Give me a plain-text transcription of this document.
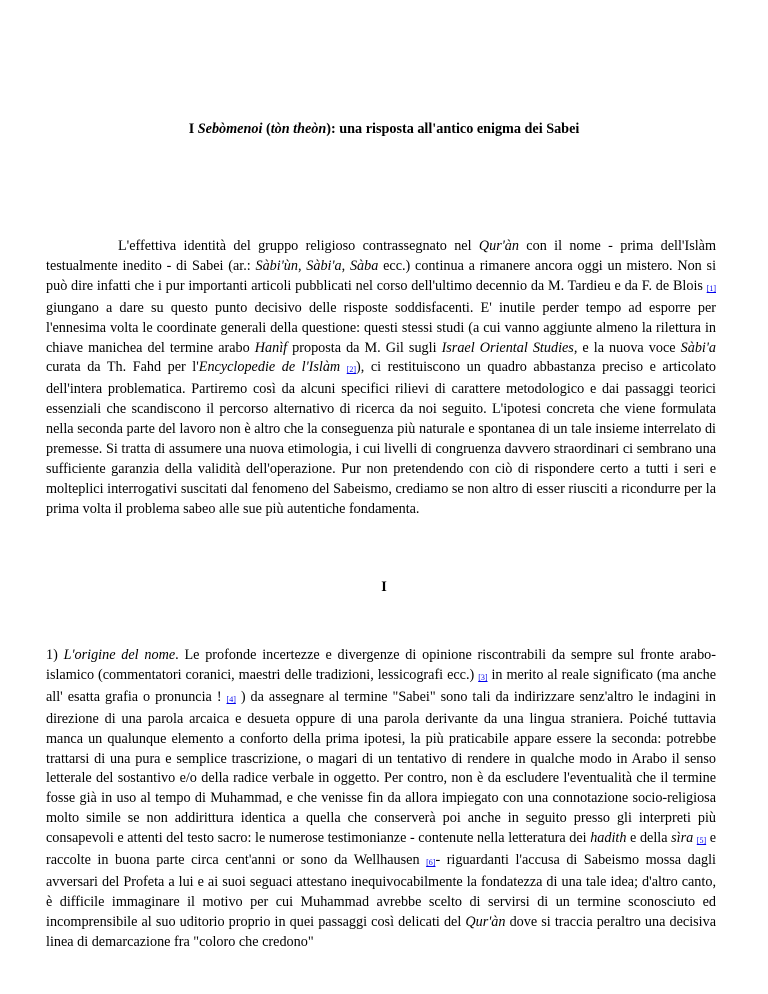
I Sebòmenoi (tòn theòn): una risposta all'antico enigma dei Sabei
L'effettiva identità del gruppo religioso contrassegnato nel Qur'àn con il nome - prima dell'Islàm testualmente inedito - di Sabei (ar.: Sàbi'ùn, Sàbi'a, Sàba ecc.) continua a rimanere ancora oggi un mistero. Non si può dire infatti che i pur importanti articoli pubblicati nel corso dell'ultimo decennio da M. Tardieu e da F. de Blois [1] giungano a dare su questo punto decisivo delle risposte soddisfacenti. E' inutile perder tempo ad esporre per l'ennesima volta le coordinate generali della questione: questi stessi studi (a cui vanno aggiunte almeno la rilettura in chiave manichea del termine arabo Hanìf proposta da M. Gil sugli Israel Oriental Studies, e la nuova voce Sàbi'a curata da Th. Fahd per l'Encyclopedie de l'Islàm [2]), ci restituiscono un quadro abbastanza preciso e articolato dell'intera problematica. Partiremo così da alcuni specifici rilievi di carattere metodologico e dai passaggi teorici essenziali che scandiscono il percorso alternativo di ricerca da noi seguito. L'ipotesi concreta che viene formulata nella seconda parte del lavoro non è altro che la conseguenza più naturale e spontanea di un tale insieme interrelato di premesse. Si tratta di assumere una nuova etimologia, i cui livelli di congruenza davvero straordinari ci sembrano una sufficiente garanzia della validità dell'operazione. Pur non pretendendo con ciò di rispondere certo a tutti i seri e molteplici interrogativi suscitati dal fenomeno del Sabeismo, crediamo se non altro di esser riusciti a ricondurre per la prima volta il problema sabeo alle sue più autentiche fondamenta.
I
1) L'origine del nome. Le profonde incertezze e divergenze di opinione riscontrabili da sempre sul fronte arabo-islamico (commentatori coranici, maestri delle tradizioni, lessicografi ecc.) [3] in merito al reale significato (ma anche all' esatta grafia o pronuncia ! [4] ) da assegnare al termine "Sabei" sono tali da indirizzare senz'altro le indagini in direzione di una parola arcaica e desueta oppure di una parola derivante da una lingua straniera. Poiché tuttavia manca un qualunque elemento a conforto della prima ipotesi, la più praticabile appare essere la seconda: potrebbe trattarsi di una pura e semplice trascrizione, o magari di un tentativo di rendere in qualche modo in Arabo il senso letterale del sostantivo e/o della radice verbale in oggetto. Per contro, non è da escludere l'eventualità che il termine fosse già in uso al tempo di Muhammad, e che venisse fin da allora impiegato con una connotazione socio-religiosa molto simile se non addirittura identica a quella che conserverà poi anche in seguito presso gli interpreti più consapevoli e attenti del testo sacro: le numerose testimonianze - contenute nella letteratura dei hadith e della sìra [5] e raccolte in buona parte circa cent'anni or sono da Wellhausen [6]- riguardanti l'accusa di Sabeismo mossa dagli avversari del Profeta a lui e ai suoi seguaci attestano inequivocabilmente la fondatezza di una tale idea; d'altro canto, è difficile immaginare il motivo per cui Muhammad avrebbe scelto di servirsi di un termine sconosciuto ed incomprensibile al suo uditorio proprio in quei passaggi così delicati del Qur'àn dove si traccia peraltro una decisiva linea di demarcazione fra "coloro che credono"
